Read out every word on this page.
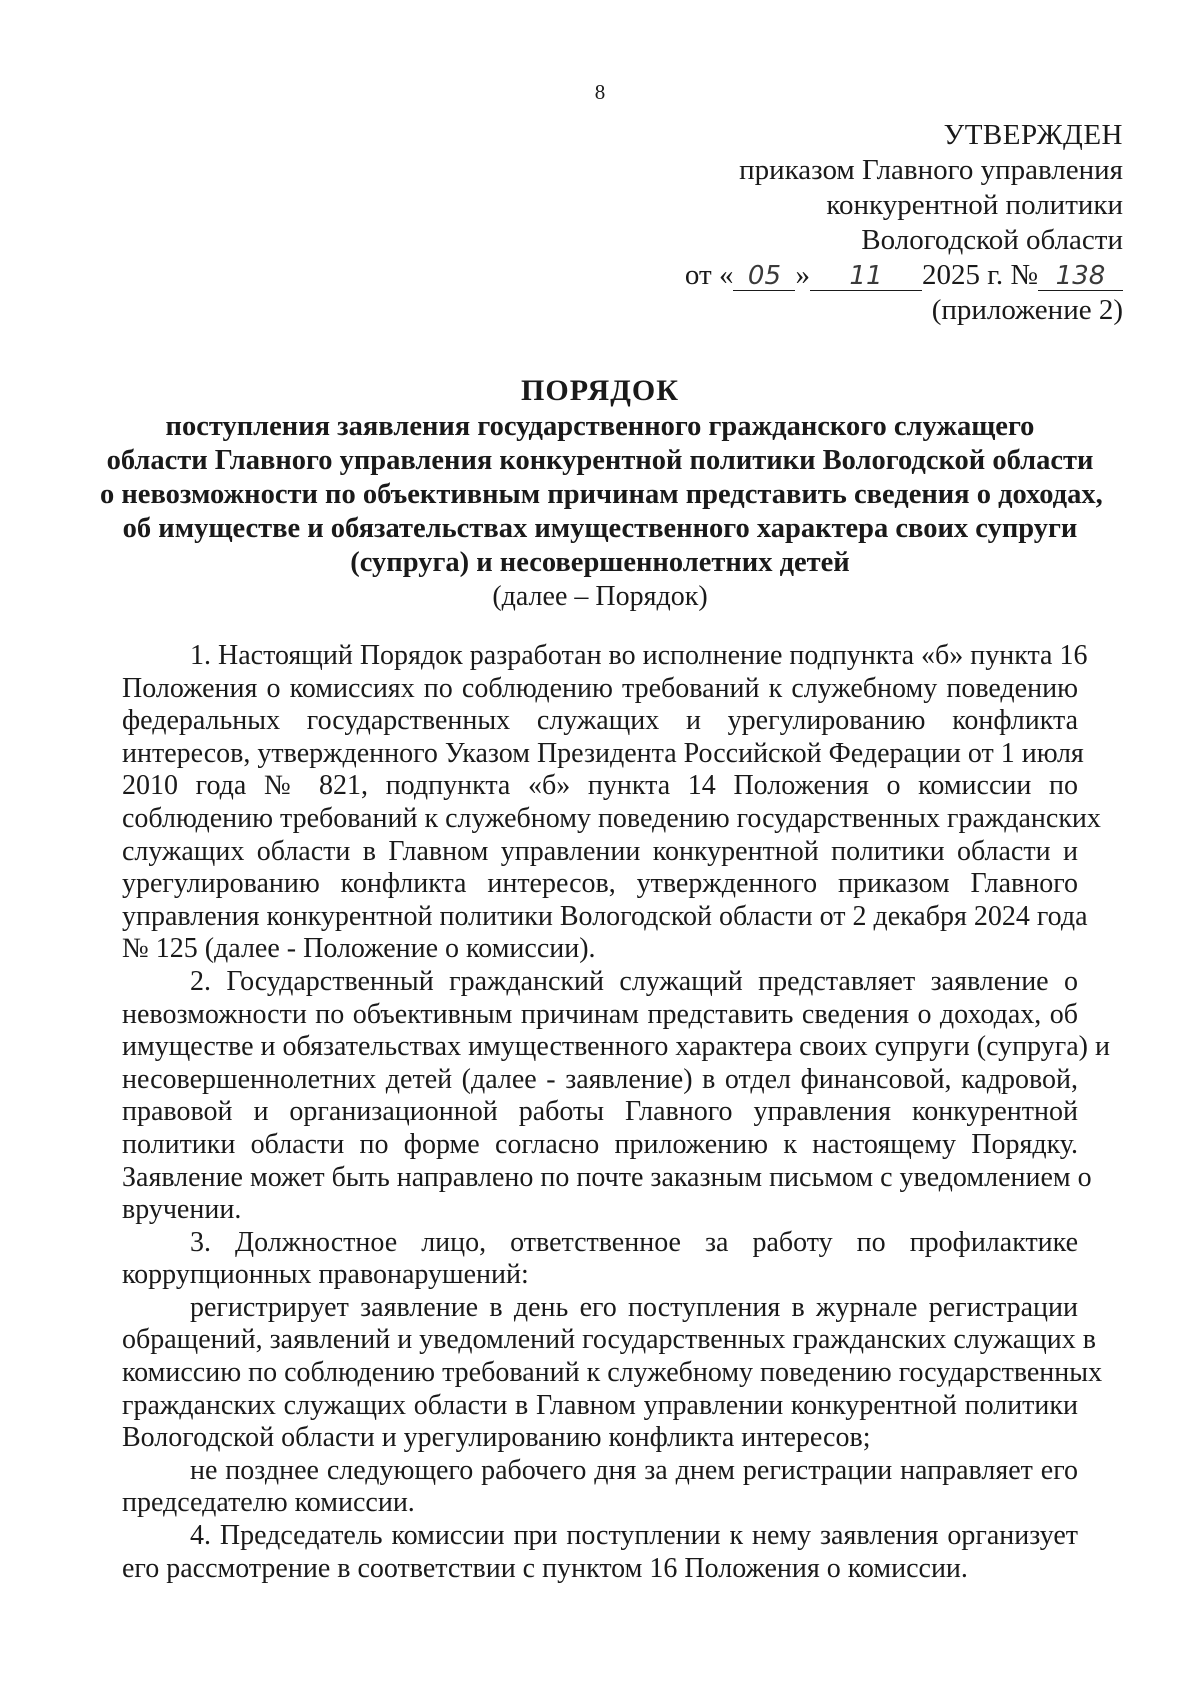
8
УТВЕРЖДЕН
приказом Главного управления
конкурентной политики
Вологодской области
от « 05 » 11 2025 г. № 138
(приложение 2)
ПОРЯДОК
поступления заявления государственного гражданского служащего
области Главного управления конкурентной политики Вологодской области
о невозможности по объективным причинам представить сведения о доходах,
об имуществе и обязательствах имущественного характера своих супруги
(супруга) и несовершеннолетних детей
(далее – Порядок)
1. Настоящий Порядок разработан во исполнение подпункта «б» пункта 16
Положения о комиссиях по соблюдению требований к служебному поведению
федеральных государственных служащих и урегулированию конфликта
интересов, утвержденного Указом Президента Российской Федерации от 1 июля
2010 года № 821, подпункта «б» пункта 14 Положения о комиссии по
соблюдению требований к служебному поведению государственных гражданских
служащих области в Главном управлении конкурентной политики области и
урегулированию конфликта интересов, утвержденного приказом Главного
управления конкурентной политики Вологодской области от 2 декабря 2024 года
№ 125 (далее - Положение о комиссии).
2. Государственный гражданский служащий представляет заявление о
невозможности по объективным причинам представить сведения о доходах, об
имуществе и обязательствах имущественного характера своих супруги (супруга) и
несовершеннолетних детей (далее - заявление) в отдел финансовой, кадровой,
правовой и организационной работы Главного управления конкурентной
политики области по форме согласно приложению к настоящему Порядку.
Заявление может быть направлено по почте заказным письмом с уведомлением о
вручении.
3. Должностное лицо, ответственное за работу по профилактике
коррупционных правонарушений:
регистрирует заявление в день его поступления в журнале регистрации
обращений, заявлений и уведомлений государственных гражданских служащих в
комиссию по соблюдению требований к служебному поведению государственных
гражданских служащих области в Главном управлении конкурентной политики
Вологодской области и урегулированию конфликта интересов;
не позднее следующего рабочего дня за днем регистрации направляет его
председателю комиссии.
4. Председатель комиссии при поступлении к нему заявления организует
его рассмотрение в соответствии с пунктом 16 Положения о комиссии.
